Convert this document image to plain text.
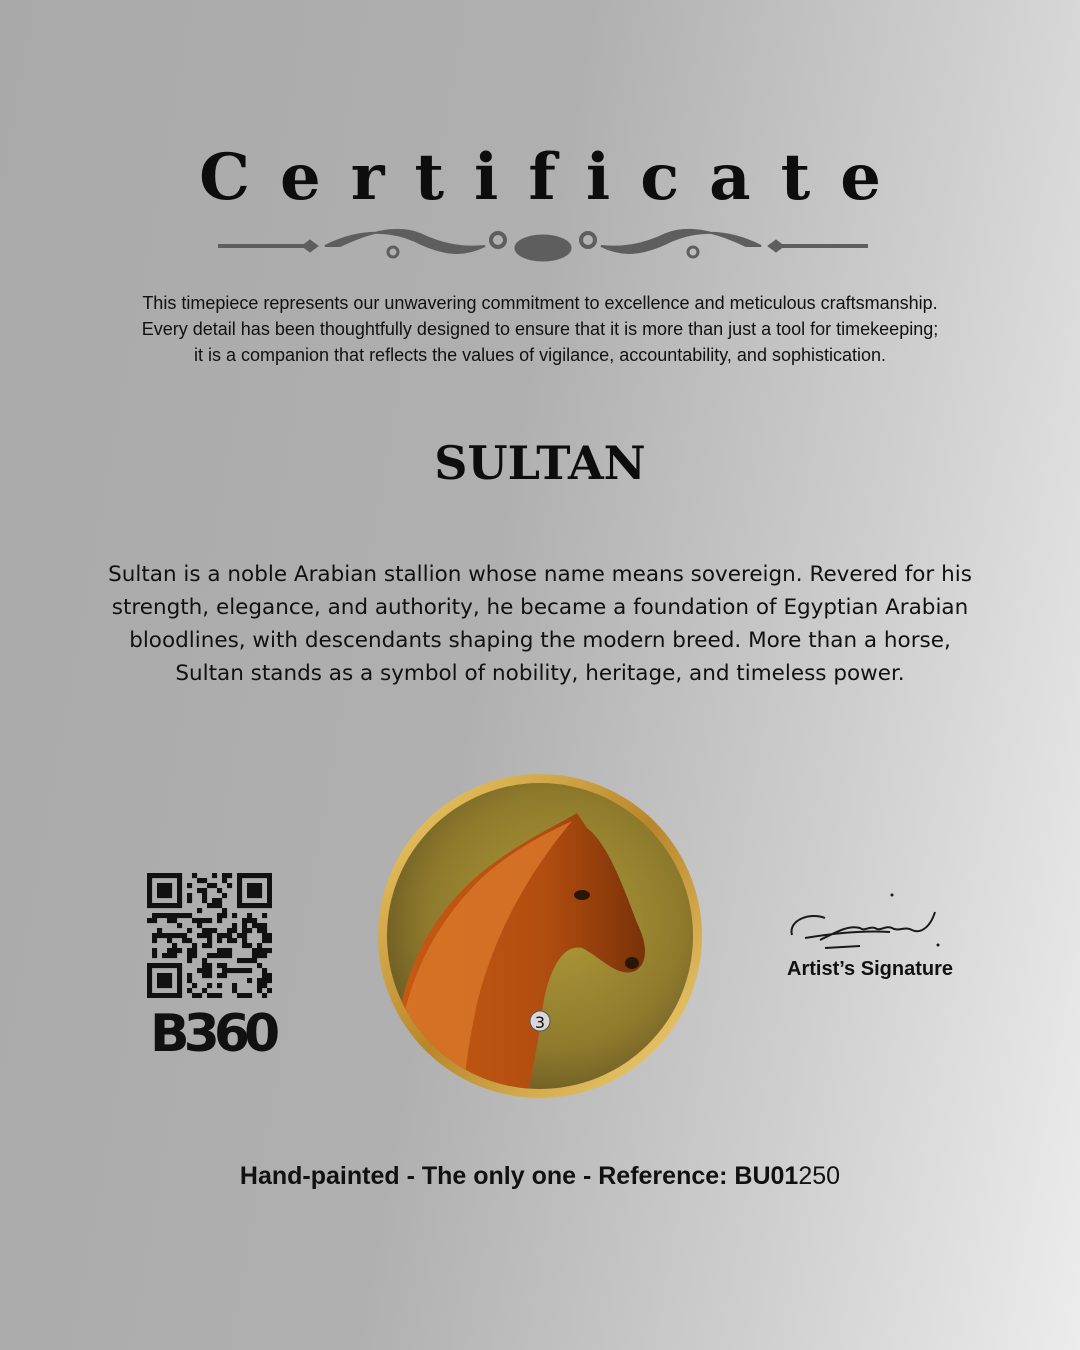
Certificate
This timepiece represents our unwavering commitment to excellence and meticulous craftsmanship.
Every detail has been thoughtfully designed to ensure that it is more than just a tool for timekeeping;
it is a companion that reflects the values of vigilance, accountability, and sophistication.
SULTAN
Sultan is a noble Arabian stallion whose name means sovereign. Revered for his strength, elegance, and authority, he became a foundation of Egyptian Arabian bloodlines, with descendants shaping the modern breed. More than a horse, Sultan stands as a symbol of nobility, heritage, and timeless power.
B360	3
Artist’s Signature
Hand-painted - The only one - Reference: BU01250
